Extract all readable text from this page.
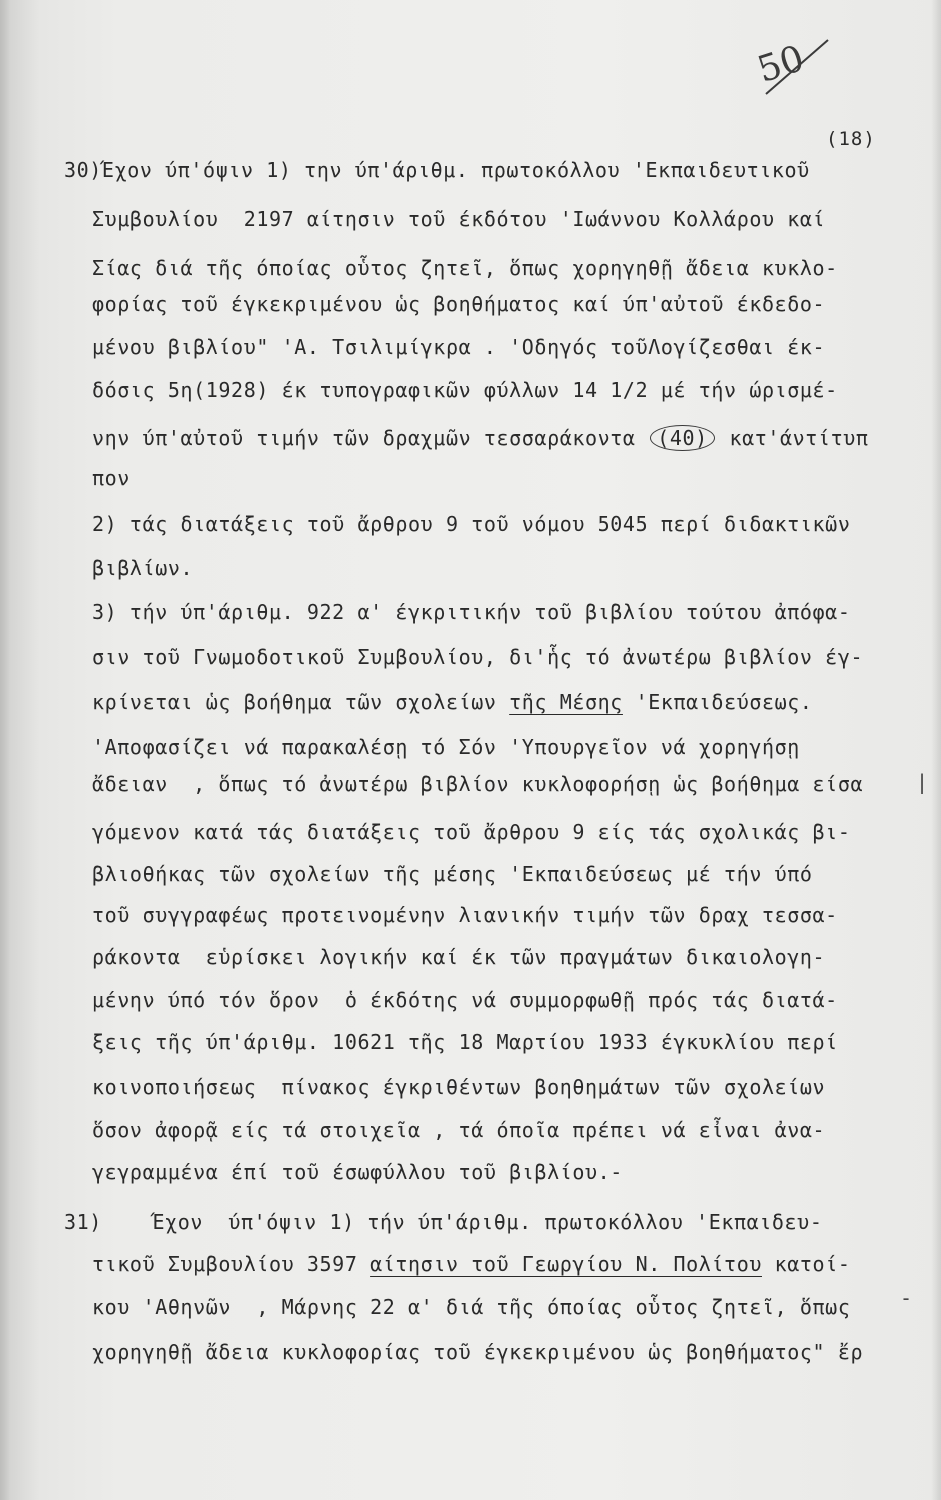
50
(18)
30)Έχον ύπ'όψιν 1) την ύπ'άριθμ. πρωτοκόλλου 'Εκπαιδευτικοῦ
Συμβουλίου  2197 αίτησιν τοῦ έκδότου 'Ιωάννου Κολλάρου καί
Σίας διά τῆς όποίας οὗτος ζητεῖ, ὅπως χορηγηθῇ ἄδεια κυκλο-
φορίας τοῦ έγκεκριμένου ὡς βοηθήματος καί ύπ'αὐτοῦ έκδεδο-
μένου βιβλίου" 'Α. Τσιλιμίγκρα . 'Οδηγός τοῦΛογίζεσθαι έκ-
δόσις 5η(1928) έκ τυπογραφικῶν φύλλων 14 1/2 μέ τήν ώρισμέ-
νην ύπ'αὐτοῦ τιμήν τῶν δραχμῶν τεσσαράκοντα (40) κατ'άντίτυπ
πον
2) τάς διατάξεις τοῦ ἄρθρου 9 τοῦ νόμου 5045 περί διδακτικῶν
βιβλίων.
3) τήν ύπ'άριθμ. 922 α' έγκριτικήν τοῦ βιβλίου τούτου ἀπόφα-
σιν τοῦ Γνωμοδοτικοῦ Συμβουλίου, δι'ἧς τό ἀνωτέρω βιβλίον έγ-
κρίνεται ὡς βοήθημα τῶν σχολείων τῆς Μέσης 'Εκπαιδεύσεως.
'Αποφασίζει νά παρακαλέσῃ τό Σόν 'Υπουργεῖον νά χορηγήσῃ
ἄδειαν  , ὅπως τό ἀνωτέρω βιβλίον κυκλοφορήσῃ ὡς βοήθημα είσα
γόμενον κατά τάς διατάξεις τοῦ ἄρθρου 9 είς τάς σχολικάς βι-
βλιοθήκας τῶν σχολείων τῆς μέσης 'Εκπαιδεύσεως μέ τήν ύπό
τοῦ συγγραφέως προτεινομένην λιανικήν τιμήν τῶν δραχ τεσσα-
ράκοντα  εὑρίσκει λογικήν καί έκ τῶν πραγμάτων δικαιολογη-
μένην ύπό τόν ὅρον  ὁ έκδότης νά συμμορφωθῇ πρός τάς διατά-
ξεις τῆς ύπ'άριθμ. 10621 τῆς 18 Μαρτίου 1933 έγκυκλίου περί
κοινοποιήσεως  πίνακος έγκριθέντων βοηθημάτων τῶν σχολείων
ὅσον ἀφορᾷ είς τά στοιχεῖα , τά όποῖα πρέπει νά εἶναι ἀνα-
γεγραμμένα έπί τοῦ έσωφύλλου τοῦ βιβλίου.-
31)    Έχον  ύπ'όψιν 1) τήν ύπ'άριθμ. πρωτοκόλλου 'Εκπαιδευ-
τικοῦ Συμβουλίου 3597 αίτησιν τοῦ Γεωργίου Ν. Πολίτου κατοί-
κου 'Αθηνῶν  , Μάρνης 22 α' διά τῆς όποίας οὗτος ζητεῖ, ὅπως
χορηγηθῇ ἄδεια κυκλοφορίας τοῦ έγκεκριμένου ὡς βοηθήματος" ἔρ
|
-
